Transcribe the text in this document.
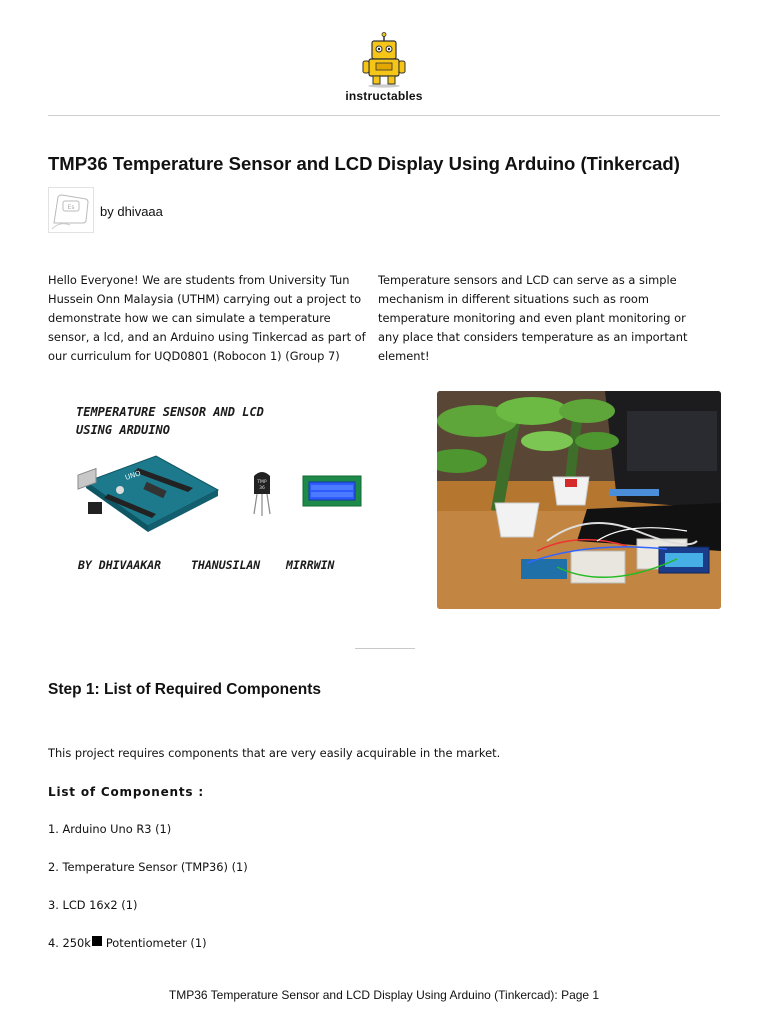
instructables
TMP36 Temperature Sensor and LCD Display Using Arduino (Tinkercad)
Es by dhivaaa
Hello Everyone! We are students from University Tun Hussein Onn Malaysia (UTHM) carrying out a project to demonstrate how we can simulate a temperature sensor, a lcd, and an Arduino using Tinkercad as part of our curriculum for UQD0801 (Robocon 1) (Group 7)
Temperature sensors and LCD can serve as a simple mechanism in different situations such as room temperature monitoring and even plant monitoring or any place that considers temperature as an important element!
TEMPERATURE SENSOR AND LCD
USING ARDUINO
UNO
TMP
36
BY DHIVAAKAR	THANUSILAN MIRRWIN
Step 1: List of Required Components
This project requires components that are very easily acquirable in the market.
List of Components :
1. Arduino Uno R3 (1)
2. Temperature Sensor (TMP36) (1)
3. LCD 16x2 (1)
4. 250k Potentiometer (1)
TMP36 Temperature Sensor and LCD Display Using Arduino (Tinkercad): Page 1
